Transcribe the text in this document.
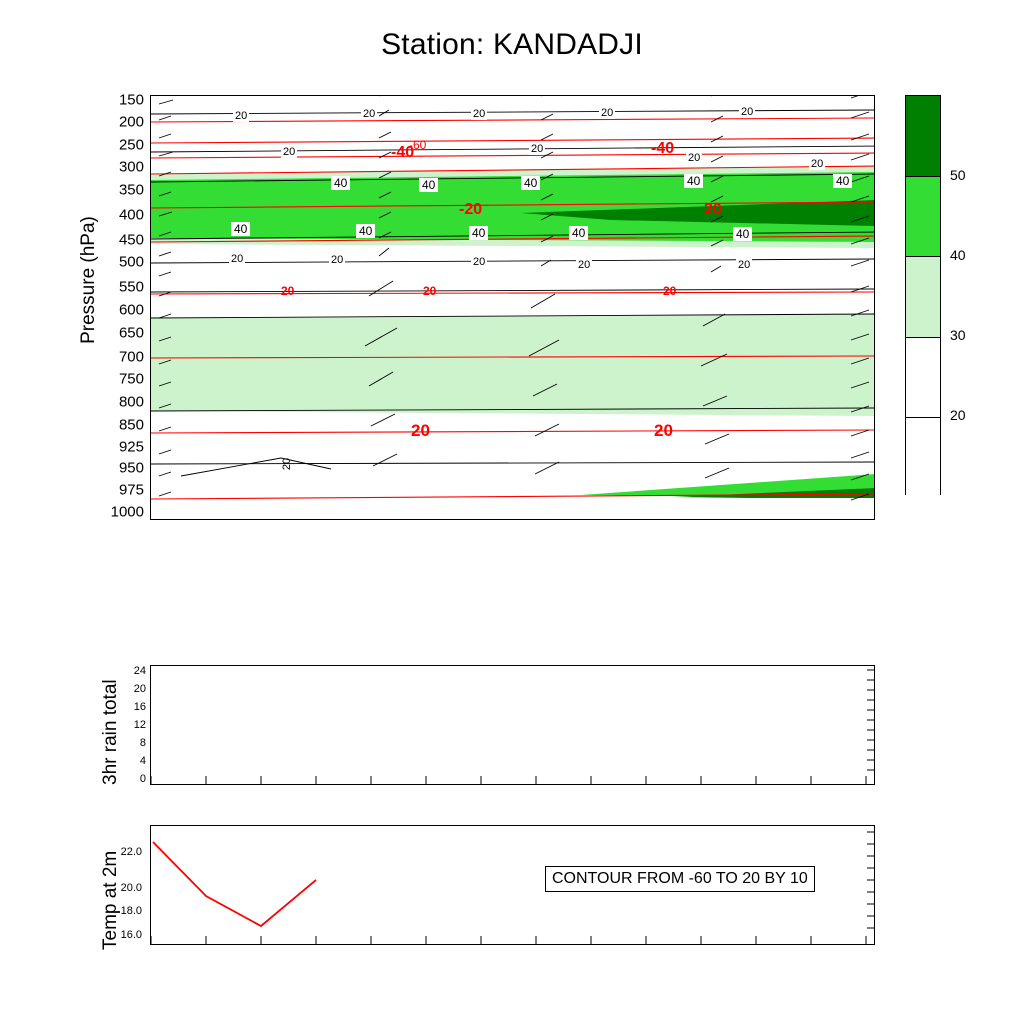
Station: KANDADJI
150
200
250
300
350
400
450
500
550
600
650
700
750
800
850
925
950
975
1000
Pressure (hPa)
20	20	20	20	20
20	20
20	20
40	40	40	40	40
40	40	40	40	40
20	20	20	20	20
-40
-60	-40
-20	20
20	20	20
20	20
20
50
40
30
20
3hr rain total
24
20
16
12
8
4
0
Temp at 2m 22.0
20.0
18.0
16.0
CONTOUR FROM -60 TO 20 BY 10
